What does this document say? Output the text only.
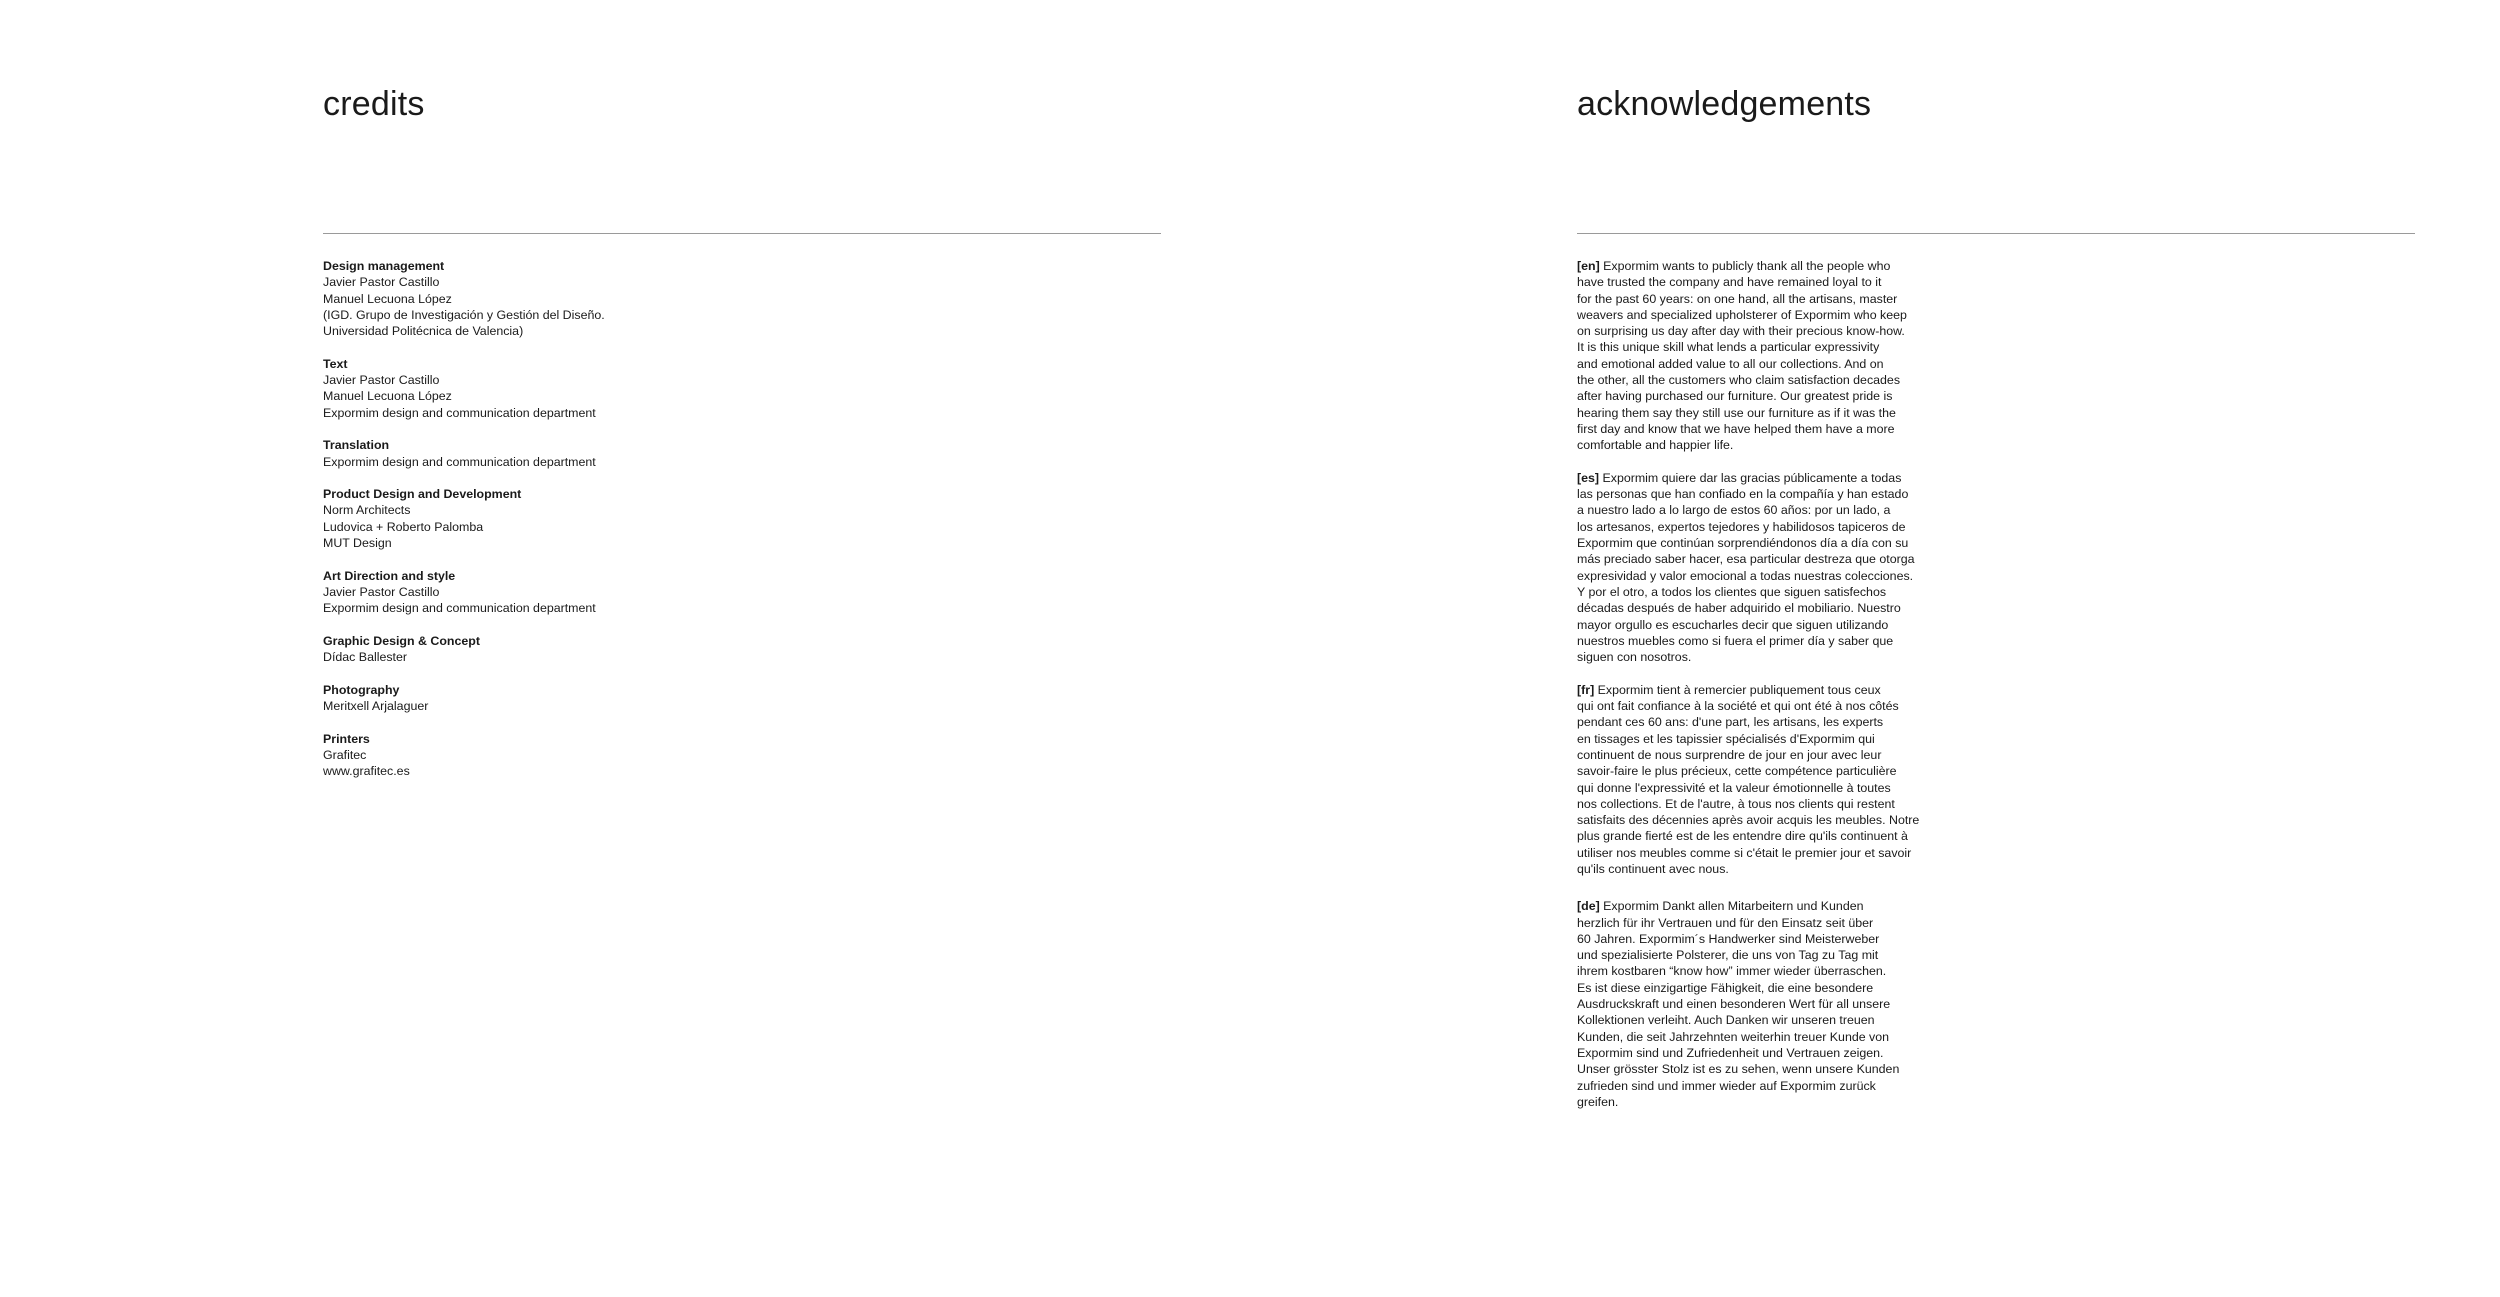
credits
Design management
Javier Pastor Castillo
Manuel Lecuona López
(IGD. Grupo de Investigación y Gestión del Diseño.
Universidad Politécnica de Valencia)
Text
Javier Pastor Castillo
Manuel Lecuona López
Expormim design and communication department
Translation
Expormim design and communication department
Product Design and Development
Norm Architects
Ludovica + Roberto Palomba
MUT Design
Art Direction and style
Javier Pastor Castillo
Expormim design and communication department
Graphic Design & Concept
Dídac Ballester
Photography
Meritxell Arjalaguer
Printers
Grafitec
www.grafitec.es
acknowledgements
[en] Expormim wants to publicly thank all the people who
have trusted the company and have remained loyal to it
for the past 60 years: on one hand, all the artisans, master
weavers and specialized upholsterer of Expormim who keep
on surprising us day after day with their precious know-how.
It is this unique skill what lends a particular expressivity
and emotional added value to all our collections. And on
the other, all the customers who claim satisfaction decades
after having purchased our furniture. Our greatest pride is
hearing them say they still use our furniture as if it was the
first day and know that we have helped them have a more
comfortable and happier life.
[es] Expormim quiere dar las gracias públicamente a todas
las personas que han confiado en la compañía y han estado
a nuestro lado a lo largo de estos 60 años: por un lado, a
los artesanos, expertos tejedores y habilidosos tapiceros de
Expormim que continúan sorprendiéndonos día a día con su
más preciado saber hacer, esa particular destreza que otorga
expresividad y valor emocional a todas nuestras colecciones.
Y por el otro, a todos los clientes que siguen satisfechos
décadas después de haber adquirido el mobiliario. Nuestro
mayor orgullo es escucharles decir que siguen utilizando
nuestros muebles como si fuera el primer día y saber que
siguen con nosotros.
[fr] Expormim tient à remercier publiquement tous ceux
qui ont fait confiance à la société et qui ont été à nos côtés
pendant ces 60 ans: d'une part, les artisans, les experts
en tissages et les tapissier spécialisés d'Expormim qui
continuent de nous surprendre de jour en jour avec leur
savoir-faire le plus précieux, cette compétence particulière
qui donne l'expressivité et la valeur émotionnelle à toutes
nos collections. Et de l'autre, à tous nos clients qui restent
satisfaits des décennies après avoir acquis les meubles. Notre
plus grande fierté est de les entendre dire qu'ils continuent à
utiliser nos meubles comme si c'était le premier jour et savoir
qu'ils continuent avec nous.
[de] Expormim Dankt allen Mitarbeitern und Kunden
herzlich für ihr Vertrauen und für den Einsatz seit über
60 Jahren. Expormim´s Handwerker sind Meisterweber
und spezialisierte Polsterer, die uns von Tag zu Tag mit
ihrem kostbaren “know how” immer wieder überraschen.
Es ist diese einzigartige Fähigkeit, die eine besondere
Ausdruckskraft und einen besonderen Wert für all unsere
Kollektionen verleiht. Auch Danken wir unseren treuen
Kunden, die seit Jahrzehnten weiterhin treuer Kunde von
Expormim sind und Zufriedenheit und Vertrauen zeigen.
Unser grösster Stolz ist es zu sehen, wenn unsere Kunden
zufrieden sind und immer wieder auf Expormim zurück
greifen.
